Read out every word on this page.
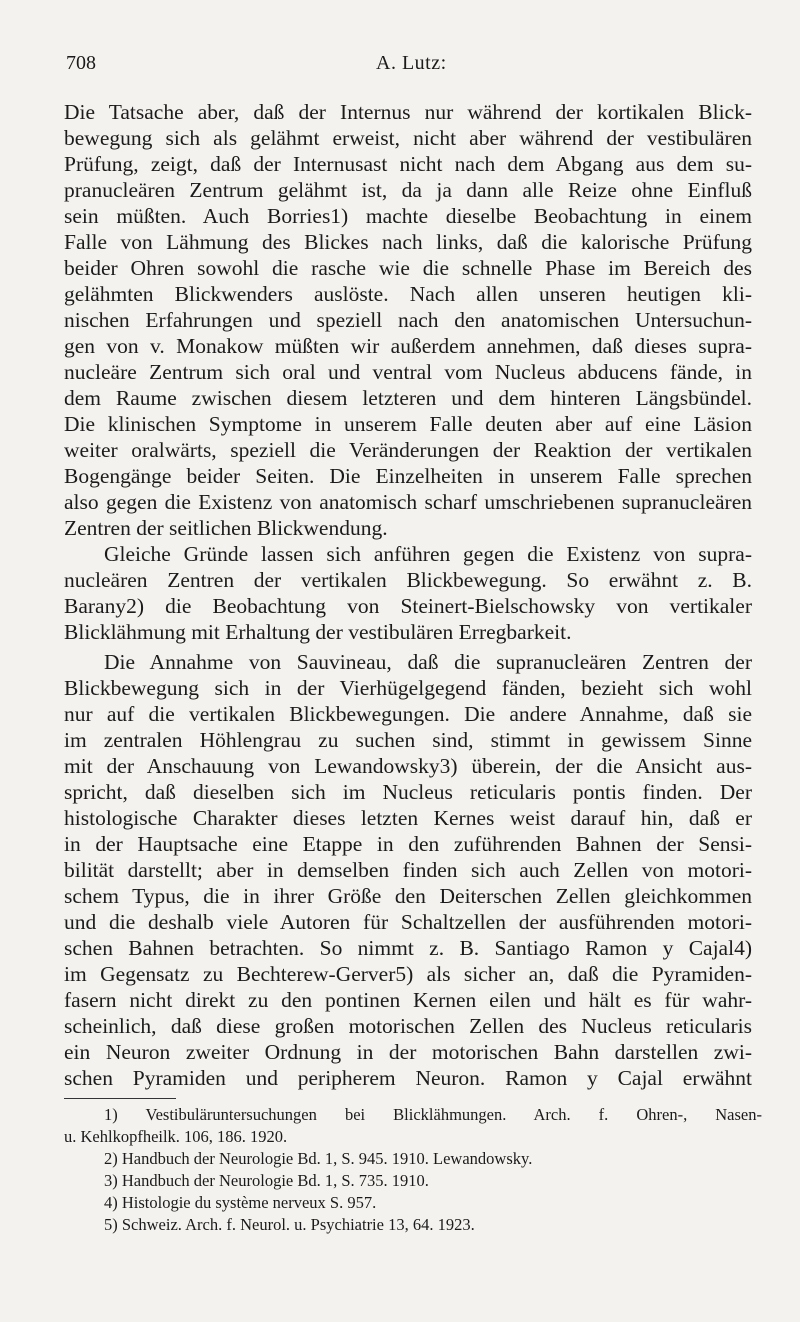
708	A. Lutz:
Die Tatsache aber, daß der Internus nur während der kortikalen Blick-
bewegung sich als gelähmt erweist, nicht aber während der vestibulären
Prüfung, zeigt, daß der Internusast nicht nach dem Abgang aus dem su-
pranucleären Zentrum gelähmt ist, da ja dann alle Reize ohne Einfluß
sein müßten. Auch Borries1) machte dieselbe Beobachtung in einem
Falle von Lähmung des Blickes nach links, daß die kalorische Prüfung
beider Ohren sowohl die rasche wie die schnelle Phase im Bereich des
gelähmten Blickwenders auslöste. Nach allen unseren heutigen kli-
nischen Erfahrungen und speziell nach den anatomischen Untersuchun-
gen von v. Monakow müßten wir außerdem annehmen, daß dieses supra-
nucleäre Zentrum sich oral und ventral vom Nucleus abducens fände, in
dem Raume zwischen diesem letzteren und dem hinteren Längsbündel.
Die klinischen Symptome in unserem Falle deuten aber auf eine Läsion
weiter oralwärts, speziell die Veränderungen der Reaktion der vertikalen
Bogengänge beider Seiten. Die Einzelheiten in unserem Falle sprechen
also gegen die Existenz von anatomisch scharf umschriebenen supranucleären
Zentren der seitlichen Blickwendung.
Gleiche Gründe lassen sich anführen gegen die Existenz von supra-
nucleären Zentren der vertikalen Blickbewegung. So erwähnt z. B.
Barany2) die Beobachtung von Steinert-Bielschowsky von vertikaler
Blicklähmung mit Erhaltung der vestibulären Erregbarkeit.
Die Annahme von Sauvineau, daß die supranucleären Zentren der
Blickbewegung sich in der Vierhügelgegend fänden, bezieht sich wohl
nur auf die vertikalen Blickbewegungen. Die andere Annahme, daß sie
im zentralen Höhlengrau zu suchen sind, stimmt in gewissem Sinne
mit der Anschauung von Lewandowsky3) überein, der die Ansicht aus-
spricht, daß dieselben sich im Nucleus reticularis pontis finden. Der
histologische Charakter dieses letzten Kernes weist darauf hin, daß er
in der Hauptsache eine Etappe in den zuführenden Bahnen der Sensi-
bilität darstellt; aber in demselben finden sich auch Zellen von motori-
schem Typus, die in ihrer Größe den Deiterschen Zellen gleichkommen
und die deshalb viele Autoren für Schaltzellen der ausführenden motori-
schen Bahnen betrachten. So nimmt z. B. Santiago Ramon y Cajal4)
im Gegensatz zu Bechterew-Gerver5) als sicher an, daß die Pyramiden-
fasern nicht direkt zu den pontinen Kernen eilen und hält es für wahr-
scheinlich, daß diese großen motorischen Zellen des Nucleus reticularis
ein Neuron zweiter Ordnung in der motorischen Bahn darstellen zwi-
schen Pyramiden und peripherem Neuron. Ramon y Cajal erwähnt
1) Vestibuläruntersuchungen bei Blicklähmungen. Arch. f. Ohren-, Nasen-
u. Kehlkopfheilk. 106, 186. 1920.
2) Handbuch der Neurologie Bd. 1, S. 945. 1910. Lewandowsky.
3) Handbuch der Neurologie Bd. 1, S. 735. 1910.
4) Histologie du système nerveux S. 957.
5) Schweiz. Arch. f. Neurol. u. Psychiatrie 13, 64. 1923.
